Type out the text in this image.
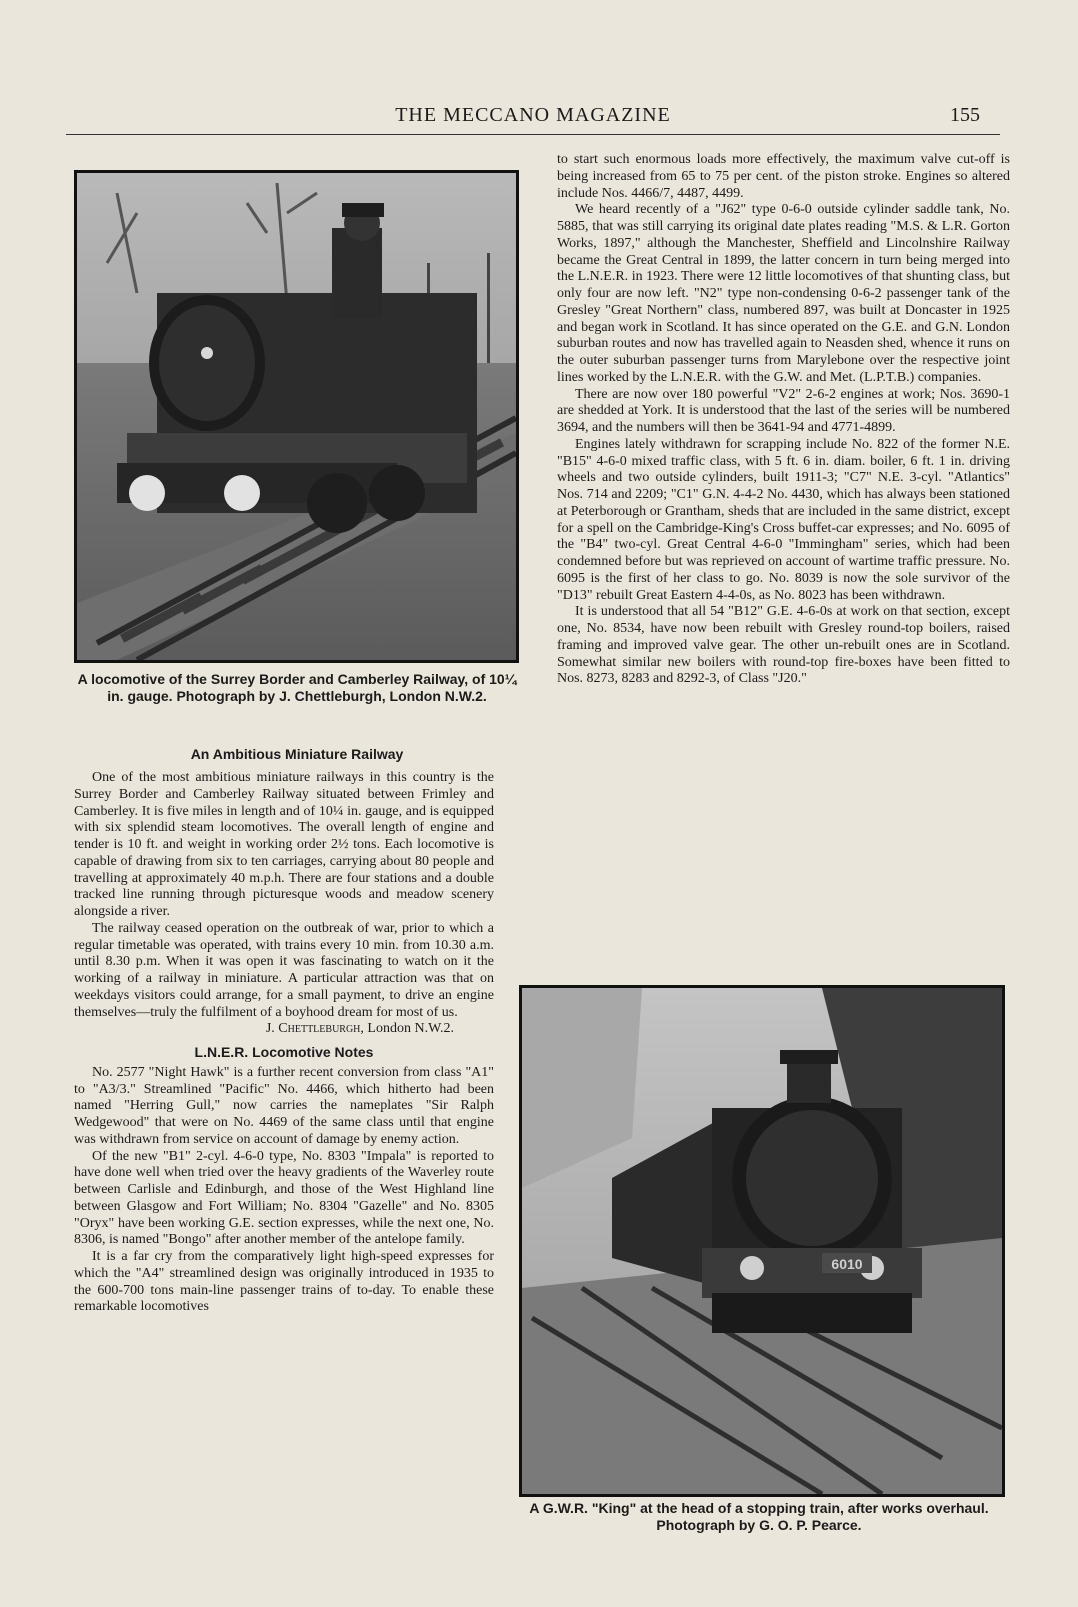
THE MECCANO MAGAZINE	155
A locomotive of the Surrey Border and Camberley Railway, of 10¼ in. gauge. Photograph by J. Chettleburgh, London N.W.2.
An Ambitious Miniature Railway

One of the most ambitious miniature railways in this country is the Surrey Border and Camberley Railway situated between Frimley and Camberley. It is five miles in length and of 10¼ in. gauge, and is equipped with six splendid steam locomotives. The overall length of engine and tender is 10 ft. and weight in working order 2½ tons. Each locomotive is capable of drawing from six to ten carriages, carrying about 80 people and travelling at approximately 40 m.p.h. There are four stations and a double tracked line running through picturesque woods and meadow scenery alongside a river.

The railway ceased operation on the outbreak of war, prior to which a regular timetable was operated, with trains every 10 min. from 10.30 a.m. until 8.30 p.m. When it was open it was fascinating to watch on it the working of a railway in miniature. A particular attraction was that on weekdays visitors could arrange, for a small payment, to drive an engine themselves—truly the fulfilment of a boyhood dream for most of us.

J. Chettleburgh, London N.W.2.

L.N.E.R. Locomotive Notes

No. 2577 "Night Hawk" is a further recent conversion from class "A1" to "A3/3." Streamlined "Pacific" No. 4466, which hitherto had been named "Herring Gull," now carries the nameplates "Sir Ralph Wedgewood" that were on No. 4469 of the same class until that engine was withdrawn from service on account of damage by enemy action.

Of the new "B1" 2-cyl. 4-6-0 type, No. 8303 "Impala" is reported to have done well when tried over the heavy gradients of the Waverley route between Carlisle and Edinburgh, and those of the West Highland line between Glasgow and Fort William; No. 8304 "Gazelle" and No. 8305 "Oryx" have been working G.E. section expresses, while the next one, No. 8306, is named "Bongo" after another member of the antelope family.

It is a far cry from the comparatively light high-speed expresses for which the "A4" streamlined design was originally introduced in 1935 to the 600-700 tons main-line passenger trains of to-day. To enable these remarkable locomotives

to start such enormous loads more effectively, the maximum valve cut-off is being increased from 65 to 75 per cent. of the piston stroke. Engines so altered include Nos. 4466/7, 4487, 4499.

We heard recently of a "J62" type 0-6-0 outside cylinder saddle tank, No. 5885, that was still carrying its original date plates reading "M.S. & L.R. Gorton Works, 1897," although the Manchester, Sheffield and Lincolnshire Railway became the Great Central in 1899, the latter concern in turn being merged into the L.N.E.R. in 1923. There were 12 little locomotives of that shunting class, but only four are now left. "N2" type non-condensing 0-6-2 passenger tank of the Gresley "Great Northern" class, numbered 897, was built at Doncaster in 1925 and began work in Scotland. It has since operated on the G.E. and G.N. London suburban routes and now has travelled again to Neasden shed, whence it runs on the outer suburban passenger turns from Marylebone over the respective joint lines worked by the L.N.E.R. with the G.W. and Met. (L.P.T.B.) companies.

There are now over 180 powerful "V2" 2-6-2 engines at work; Nos. 3690-1 are shedded at York. It is understood that the last of the series will be numbered 3694, and the numbers will then be 3641-94 and 4771-4899.

Engines lately withdrawn for scrapping include No. 822 of the former N.E. "B15" 4-6-0 mixed traffic class, with 5 ft. 6 in. diam. boiler, 6 ft. 1 in. driving wheels and two outside cylinders, built 1911-3; "C7" N.E. 3-cyl. "Atlantics" Nos. 714 and 2209; "C1" G.N. 4-4-2 No. 4430, which has always been stationed at Peterborough or Grantham, sheds that are included in the same district, except for a spell on the Cambridge-King's Cross buffet-car expresses; and No. 6095 of the "B4" two-cyl. Great Central 4-6-0 "Immingham" series, which had been condemned before but was reprieved on account of wartime traffic pressure. No. 6095 is the first of her class to go. No. 8039 is now the sole survivor of the "D13" rebuilt Great Eastern 4-4-0s, as No. 8023 has been withdrawn.

It is understood that all 54 "B12" G.E. 4-6-0s at work on that section, except one, No. 8534, have now been rebuilt with Gresley round-top boilers, raised framing and improved valve gear. The other un-rebuilt ones are in Scotland. Somewhat similar new boilers with round-top fire-boxes have been fitted to Nos. 8273, 8283 and 8292-3, of Class "J20."

6010
A G.W.R. "King" at the head of a stopping train, after works overhaul. Photograph by G. O. P. Pearce.
